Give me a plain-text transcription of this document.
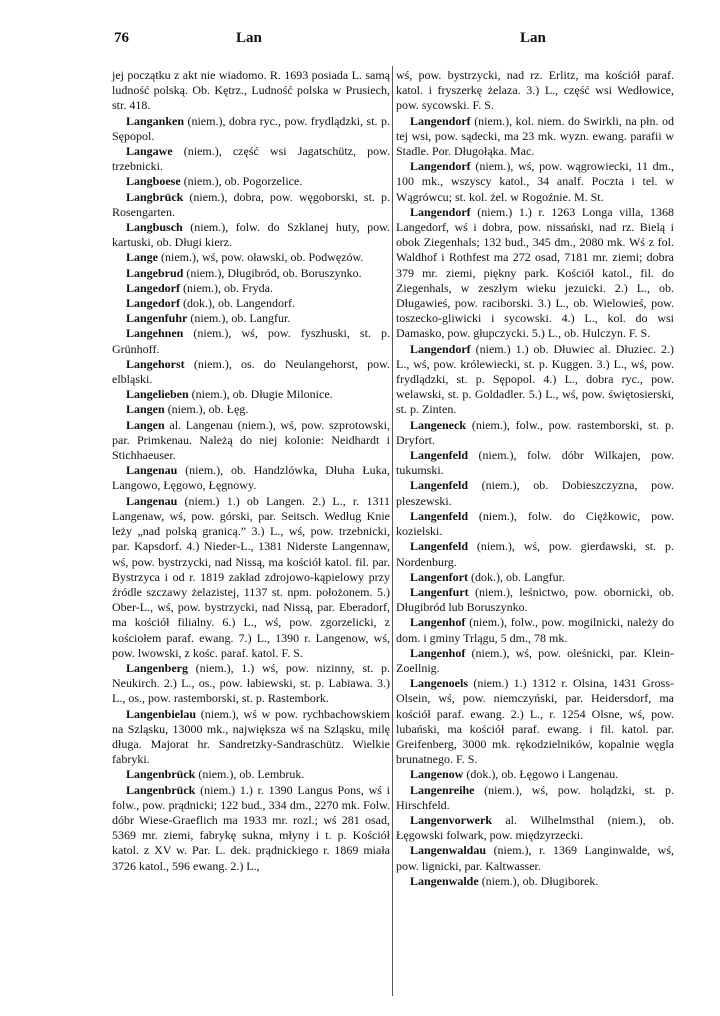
76	Lan	Lan

jej początku z akt nie wiadomo. R. 1693 posiada L. samą ludność polską. Ob. Kętrz., Ludność polska w Prusiech, str. 418.

Langanken (niem.), dobra ryc., pow. frydlądzki, st. p. Sępopol.

Langawe (niem.), część wsi Jagatschütz, pow. trzebnicki.

Langboese (niem.), ob. Pogorzelice.

Langbrück (niem.), dobra, pow. węgoborski, st. p. Rosengarten.

Langbusch (niem.), folw. do Szklanej huty, pow. kartuski, ob. Długi kierz.

Lange (niem.), wś, pow. oławski, ob. Podwęzów.

Langebrud (niem.), Długibród, ob. Boruszynko.

Langedorf (niem.), ob. Fryda.

Langedorf (dok.), ob. Langendorf.

Langenfuhr (niem.), ob. Langfur.

Langehnen (niem.), wś, pow. fyszhuski, st. p. Grünhoff.

Langehorst (niem.), os. do Neulangehorst, pow. elbląski.

Langelieben (niem.), ob. Długie Milonice.

Langen (niem.), ob. Łęg.

Langen al. Langenau (niem.), wś, pow. szprotowski, par. Primkenau. Należą do niej kolonie: Neidhardt i Stichhaeuser.

Langenau (niem.), ob. Handzlówka, Dłuha Łuka, Langowo, Łęgowo, Łęgnowy.

Langenau (niem.) 1.) ob Langen. 2.) L., r. 1311 Langenaw, wś, pow. górski, par. Seitsch. Według Knie leży „nad polską granicą.” 3.) L., wś, pow. trzebnicki, par. Kapsdorf. 4.) Nieder-L., 1381 Niderste Langennaw, wś, pow. bystrzycki, nad Nissą, ma kościół katol. fil. par. Bystrzyca i od r. 1819 zakład zdrojowo-kąpielowy przy źródle szczawy żelazistej, 1137 st. npm. położonem. 5.) Ober-L., wś, pow. bystrzycki, nad Nissą, par. Eberadorf, ma kościół filialny. 6.) L., wś, pow. zgorzelicki, z kościołem paraf. ewang. 7.) L., 1390 r. Langenow, wś, pow. lwowski, z kośc. paraf. katol. F. S.

Langenberg (niem.), 1.) wś, pow. nizinny, st. p. Neukirch. 2.) L., os., pow. łabiewski, st. p. Labiawa. 3.) L., os., pow. rastemborski, st. p. Rastembork.

Langenbielau (niem.), wś w pow. rychbachowskiem na Szląsku, 13000 mk., największa wś na Szląsku, milę długa. Majorat hr. Sandretzky-Sandraschütz. Wielkie fabryki.

Langenbrück (niem.), ob. Lembruk.

Langenbrück (niem.) 1.) r. 1390 Langus Pons, wś i folw., pow. prądnicki; 122 bud., 334 dm., 2270 mk. Folw. dóbr Wiese-Graeflich ma 1933 mr. rozl.; wś 281 osad, 5369 mr. ziemi, fabrykę sukna, młyny i t. p. Kościół katol. z XV w. Par. L. dek. prądnickiego r. 1869 miała 3726 katol., 596 ewang. 2.) L.,

wś, pow. bystrzycki, nad rz. Erlitz, ma kościół paraf. katol. i fryszerkę żelaza. 3.) L., część wsi Wedłowice, pow. sycowski. F. S.

Langendorf (niem.), kol. niem. do Swirkli, na płn. od tej wsi, pow. sądecki, ma 23 mk. wyzn. ewang. parafii w Stadle. Por. Długołąka. Mac.

Langendorf (niem.), wś, pow. wągrowiecki, 11 dm., 100 mk., wszyscy katol., 34 analf. Poczta i tel. w Wągrówcu; st. kol. żel. w Rogoźnie. M. St.

Langendorf (niem.) 1.) r. 1263 Longa villa, 1368 Langedorf, wś i dobra, pow. nissański, nad rz. Bielą i obok Ziegenhals; 132 bud., 345 dm., 2080 mk. Wś z fol. Waldhof i Rothfest ma 272 osad, 7181 mr. ziemi; dobra 379 mr. ziemi, piękny park. Kościół katol., fil. do Ziegenhals, w zeszłym wieku jezuicki. 2.) L., ob. Długawieś, pow. raciborski. 3.) L., ob. Wielowieś, pow. toszecko-gliwicki i sycowski. 4.) L., kol. do wsi Damasko, pow. głupczycki. 5.) L., ob. Hulczyn. F. S.

Langendorf (niem.) 1.) ob. Dłuwiec al. Dłuziec. 2.) L., wś, pow. królewiecki, st. p. Kuggen. 3.) L., wś, pow. frydlądzki, st. p. Sępopol. 4.) L., dobra ryc., pow. welawski, st. p. Goldadler. 5.) L., wś, pow. świętosierski, st. p. Zinten.

Langeneck (niem.), folw., pow. rastemborski, st. p. Dryfort.

Langenfeld (niem.), folw. dóbr Wilkajen, pow. tukumski.

Langenfeld (niem.), ob. Dobieszczyzna, pow. pleszewski.

Langenfeld (niem.), folw. do Ciężkowic, pow. kozielski.

Langenfeld (niem.), wś, pow. gierdawski, st. p. Nordenburg.

Langenfort (dok.), ob. Langfur.

Langenfurt (niem.), leśnictwo, pow. obornicki, ob. Długibród lub Boruszynko.

Langenhof (niem.), folw., pow. mogilnicki, należy do dom. i gminy Trlągu, 5 dm., 78 mk.

Langenhof (niem.), wś, pow. oleśnicki, par. Klein-Zoellnig.

Langenoels (niem.) 1.) 1312 r. Olsina, 1431 Gross-Olsein, wś, pow. niemczyński, par. Heidersdorf, ma kościół paraf. ewang. 2.) L., r. 1254 Olsne, wś, pow. lubański, ma kościół paraf. ewang. i fil. katol. par. Greifenberg, 3000 mk. rękodzielników, kopalnie węgla brunatnego. F. S.

Langenow (dok.), ob. Łęgowo i Langenau.

Langenreihe (niem.), wś, pow. holądzki, st. p. Hirschfeld.

Langenvorwerk al. Wilhelmsthal (niem.), ob. Łęgowski folwark, pow. międzyrzecki.

Langenwaldau (niem.), r. 1369 Langinwalde, wś, pow. lignicki, par. Kaltwasser.

Langenwalde (niem.), ob. Długiborek.
